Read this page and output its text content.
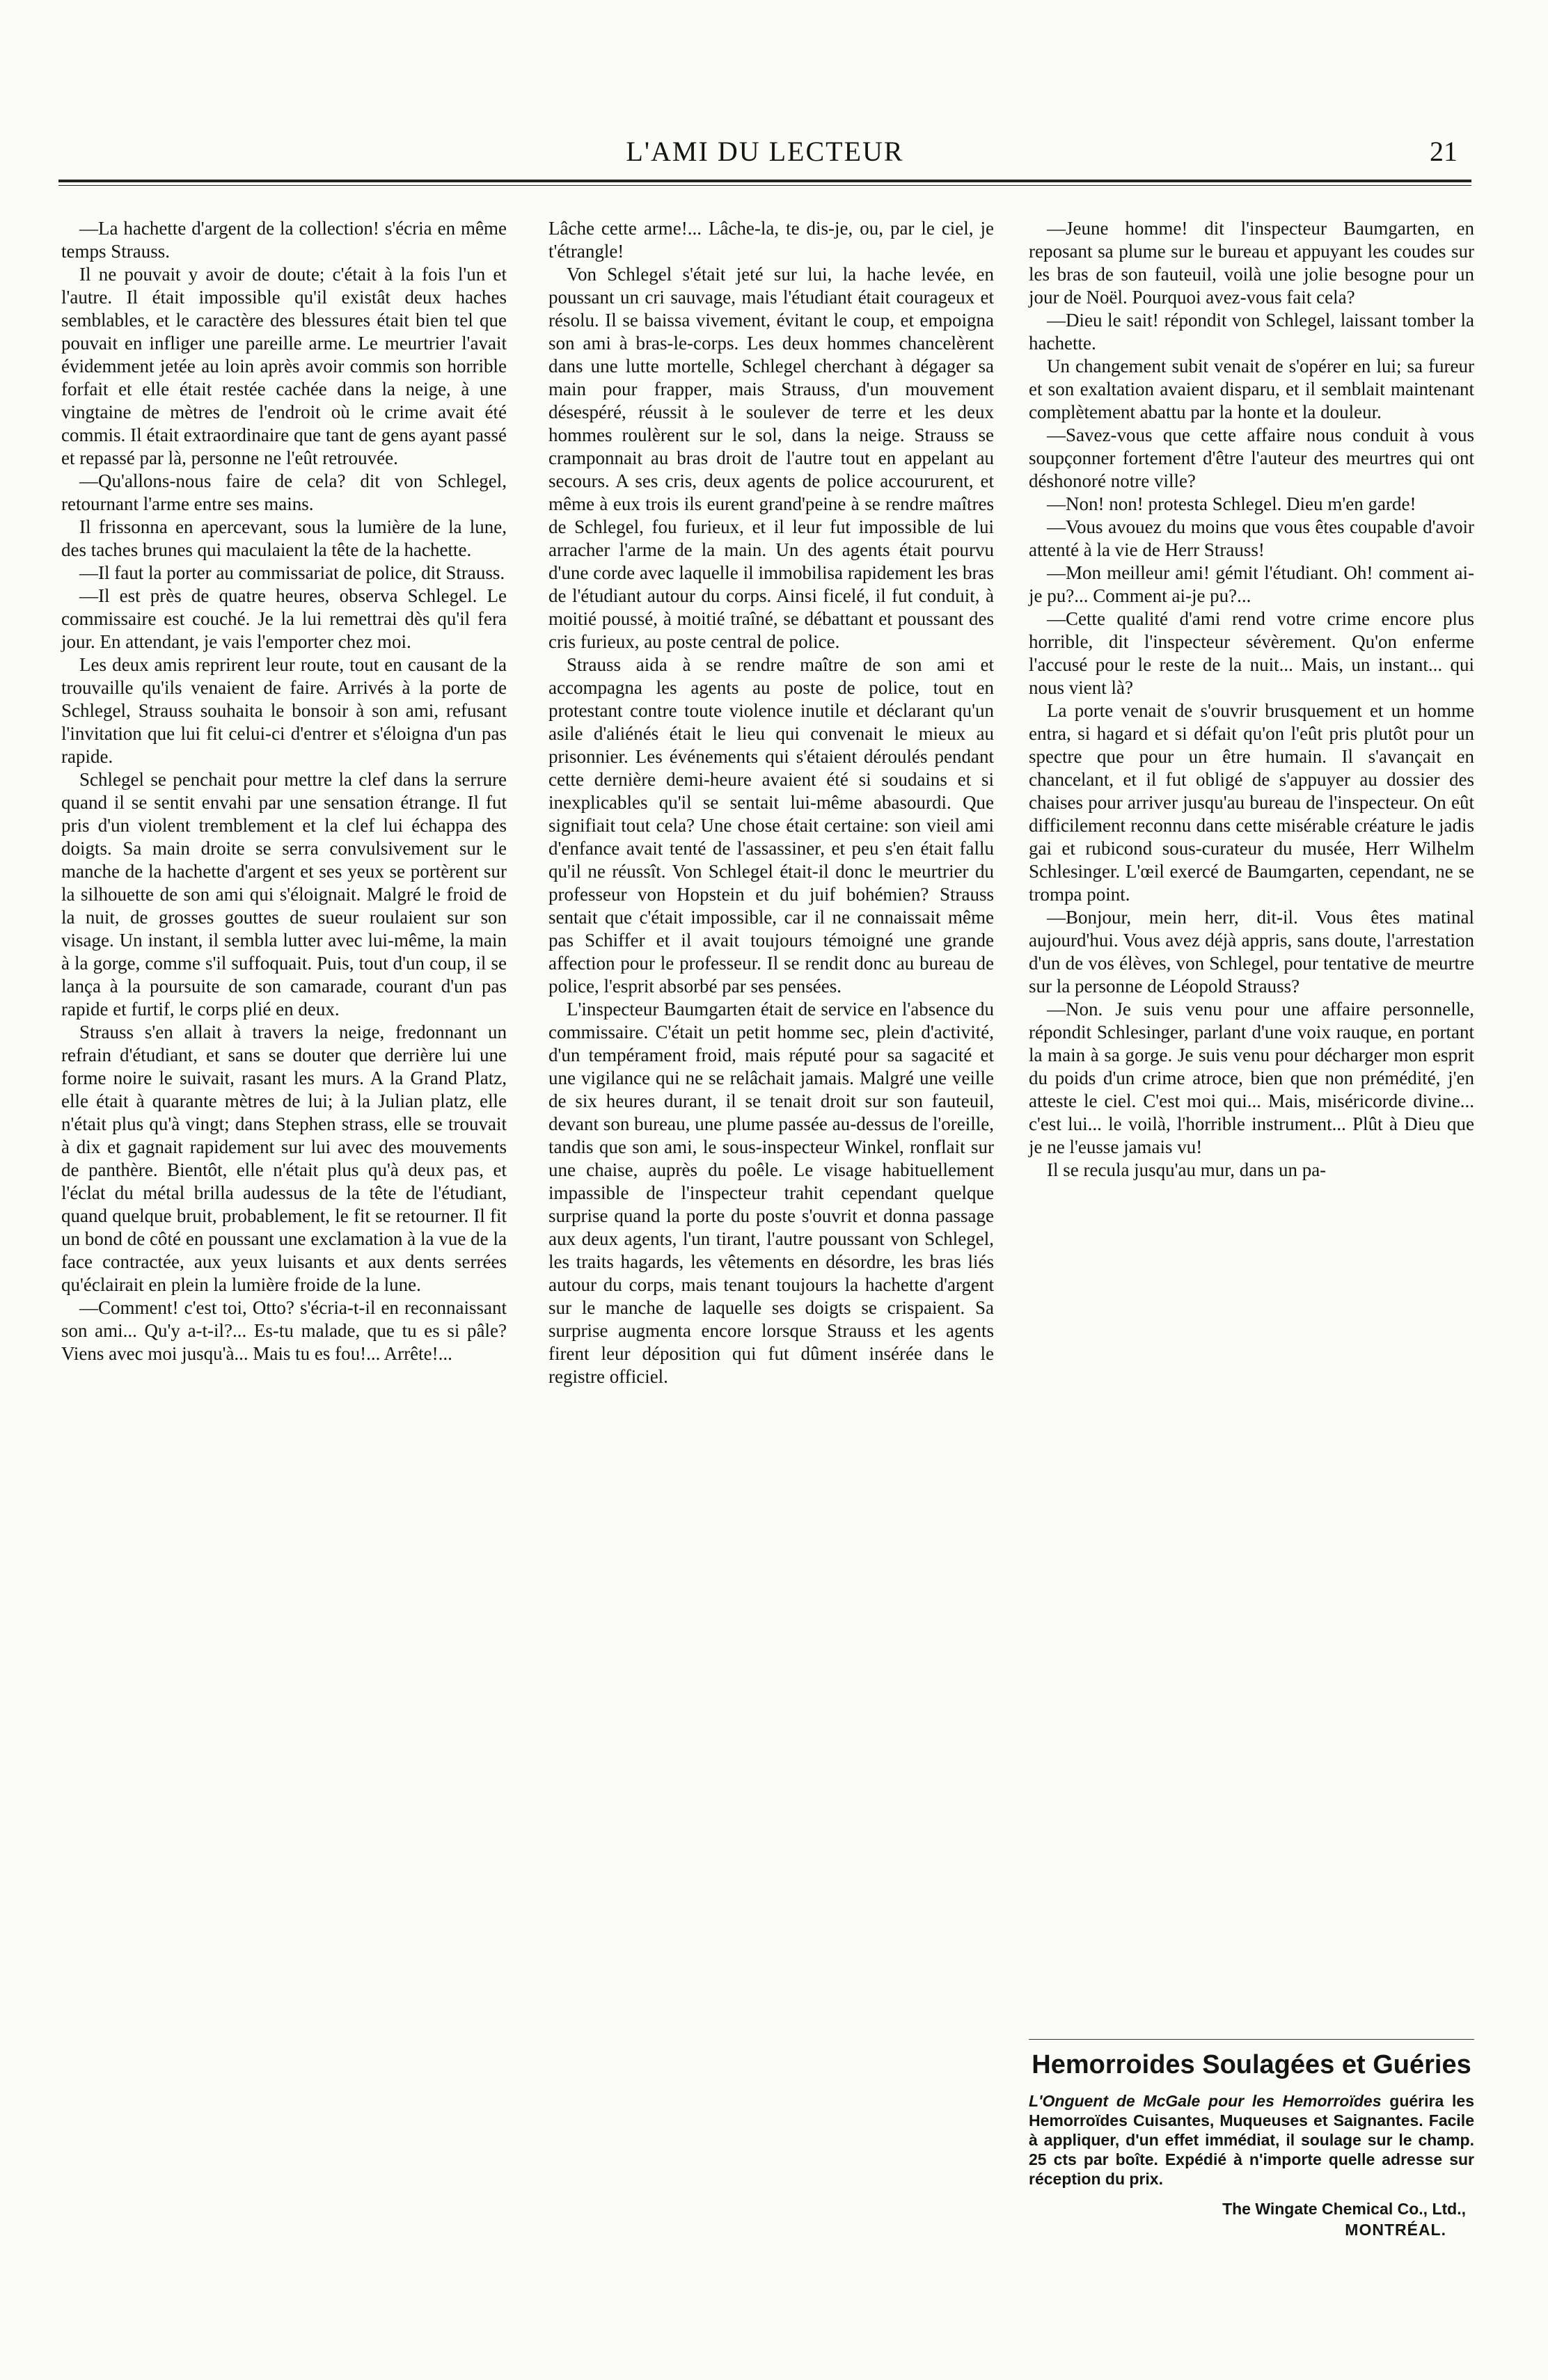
L'AMI DU LECTEUR	21

—La hachette d'argent de la collection! s'écria en même temps Strauss.

Il ne pouvait y avoir de doute; c'était à la fois l'un et l'autre. Il était impossible qu'il existât deux haches semblables, et le caractère des blessures était bien tel que pouvait en infliger une pareille arme. Le meurtrier l'avait évidemment jetée au loin après avoir commis son horrible forfait et elle était restée cachée dans la neige, à une vingtaine de mètres de l'endroit où le crime avait été commis. Il était extraordinaire que tant de gens ayant passé et repassé par là, personne ne l'eût retrouvée.

—Qu'allons-nous faire de cela? dit von Schlegel, retournant l'arme entre ses mains.

Il frissonna en apercevant, sous la lumière de la lune, des taches brunes qui maculaient la tête de la hachette.

—Il faut la porter au commissariat de police, dit Strauss.

—Il est près de quatre heures, observa Schlegel. Le commissaire est couché. Je la lui remettrai dès qu'il fera jour. En attendant, je vais l'emporter chez moi.

Les deux amis reprirent leur route, tout en causant de la trouvaille qu'ils venaient de faire. Arrivés à la porte de Schlegel, Strauss souhaita le bonsoir à son ami, refusant l'invitation que lui fit celui-ci d'entrer et s'éloigna d'un pas rapide.

Schlegel se penchait pour mettre la clef dans la serrure quand il se sentit envahi par une sensation étrange. Il fut pris d'un violent tremblement et la clef lui échappa des doigts. Sa main droite se serra convulsivement sur le manche de la hachette d'argent et ses yeux se portèrent sur la silhouette de son ami qui s'éloignait. Malgré le froid de la nuit, de grosses gouttes de sueur roulaient sur son visage. Un instant, il sembla lutter avec lui-même, la main à la gorge, comme s'il suffoquait. Puis, tout d'un coup, il se lança à la poursuite de son camarade, courant d'un pas rapide et furtif, le corps plié en deux.

Strauss s'en allait à travers la neige, fredonnant un refrain d'étudiant, et sans se douter que derrière lui une forme noire le suivait, rasant les murs. A la Grand Platz, elle était à quarante mètres de lui; à la Julian platz, elle n'était plus qu'à vingt; dans Stephen strass, elle se trouvait à dix et gagnait rapidement sur lui avec des mouvements de panthère. Bientôt, elle n'était plus qu'à deux pas, et l'éclat du métal brilla audessus de la tête de l'étudiant, quand quelque bruit, probablement, le fit se retourner. Il fit un bond de côté en poussant une exclamation à la vue de la face contractée, aux yeux luisants et aux dents serrées qu'éclairait en plein la lumière froide de la lune.

—Comment! c'est toi, Otto? s'écria-t-il en reconnaissant son ami... Qu'y a-t-il?... Es-tu malade, que tu es si pâle? Viens avec moi jusqu'à... Mais tu es fou!... Arrête!...

Lâche cette arme!... Lâche-la, te dis-je, ou, par le ciel, je t'étrangle!

Von Schlegel s'était jeté sur lui, la hache levée, en poussant un cri sauvage, mais l'étudiant était courageux et résolu. Il se baissa vivement, évitant le coup, et empoigna son ami à bras-le-corps. Les deux hommes chancelèrent dans une lutte mortelle, Schlegel cherchant à dégager sa main pour frapper, mais Strauss, d'un mouvement désespéré, réussit à le soulever de terre et les deux hommes roulèrent sur le sol, dans la neige. Strauss se cramponnait au bras droit de l'autre tout en appelant au secours. A ses cris, deux agents de police accoururent, et même à eux trois ils eurent grand'peine à se rendre maîtres de Schlegel, fou furieux, et il leur fut impossible de lui arracher l'arme de la main. Un des agents était pourvu d'une corde avec laquelle il immobilisa rapidement les bras de l'étudiant autour du corps. Ainsi ficelé, il fut conduit, à moitié poussé, à moitié traîné, se débattant et poussant des cris furieux, au poste central de police.

Strauss aida à se rendre maître de son ami et accompagna les agents au poste de police, tout en protestant contre toute violence inutile et déclarant qu'un asile d'aliénés était le lieu qui convenait le mieux au prisonnier. Les événements qui s'étaient déroulés pendant cette dernière demi-heure avaient été si soudains et si inexplicables qu'il se sentait lui-même abasourdi. Que signifiait tout cela? Une chose était certaine: son vieil ami d'enfance avait tenté de l'assassiner, et peu s'en était fallu qu'il ne réussît. Von Schlegel était-il donc le meurtrier du professeur von Hopstein et du juif bohémien? Strauss sentait que c'était impossible, car il ne connaissait même pas Schiffer et il avait toujours témoigné une grande affection pour le professeur. Il se rendit donc au bureau de police, l'esprit absorbé par ses pensées.

L'inspecteur Baumgarten était de service en l'absence du commissaire. C'était un petit homme sec, plein d'activité, d'un tempérament froid, mais réputé pour sa sagacité et une vigilance qui ne se relâchait jamais. Malgré une veille de six heures durant, il se tenait droit sur son fauteuil, devant son bureau, une plume passée au-dessus de l'oreille, tandis que son ami, le sous-inspecteur Winkel, ronflait sur une chaise, auprès du poêle. Le visage habituellement impassible de l'inspecteur trahit cependant quelque surprise quand la porte du poste s'ouvrit et donna passage aux deux agents, l'un tirant, l'autre poussant von Schlegel, les traits hagards, les vêtements en désordre, les bras liés autour du corps, mais tenant toujours la hachette d'argent sur le manche de laquelle ses doigts se crispaient. Sa surprise augmenta encore lorsque Strauss et les agents firent leur déposition qui fut dûment insérée dans le registre officiel.

—Jeune homme! dit l'inspecteur Baumgarten, en reposant sa plume sur le bureau et appuyant les coudes sur les bras de son fauteuil, voilà une jolie besogne pour un jour de Noël. Pourquoi avez-vous fait cela?

—Dieu le sait! répondit von Schlegel, laissant tomber la hachette.

Un changement subit venait de s'opérer en lui; sa fureur et son exaltation avaient disparu, et il semblait maintenant complètement abattu par la honte et la douleur.

—Savez-vous que cette affaire nous conduit à vous soupçonner fortement d'être l'auteur des meurtres qui ont déshonoré notre ville?

—Non! non! protesta Schlegel. Dieu m'en garde!

—Vous avouez du moins que vous êtes coupable d'avoir attenté à la vie de Herr Strauss!

—Mon meilleur ami! gémit l'étudiant. Oh! comment ai-je pu?... Comment ai-je pu?...

—Cette qualité d'ami rend votre crime encore plus horrible, dit l'inspecteur sévèrement. Qu'on enferme l'accusé pour le reste de la nuit... Mais, un instant... qui nous vient là?

La porte venait de s'ouvrir brusquement et un homme entra, si hagard et si défait qu'on l'eût pris plutôt pour un spectre que pour un être humain. Il s'avançait en chancelant, et il fut obligé de s'appuyer au dossier des chaises pour arriver jusqu'au bureau de l'inspecteur. On eût difficilement reconnu dans cette misérable créature le jadis gai et rubicond sous-curateur du musée, Herr Wilhelm Schlesinger. L'œil exercé de Baumgarten, cependant, ne se trompa point.

—Bonjour, mein herr, dit-il. Vous êtes matinal aujourd'hui. Vous avez déjà appris, sans doute, l'arrestation d'un de vos élèves, von Schlegel, pour tentative de meurtre sur la personne de Léopold Strauss?

—Non. Je suis venu pour une affaire personnelle, répondit Schlesinger, parlant d'une voix rauque, en portant la main à sa gorge. Je suis venu pour décharger mon esprit du poids d'un crime atroce, bien que non prémédité, j'en atteste le ciel. C'est moi qui... Mais, miséricorde divine... c'est lui... le voilà, l'horrible instrument... Plût à Dieu que je ne l'eusse jamais vu!

Il se recula jusqu'au mur, dans un pa-

Hemorroides Soulagées et Guéries
L'Onguent de McGale pour les Hemorroïdes guérira les Hemorroïdes Cuisantes, Muqueuses et Saignantes. Facile à appliquer, d'un effet immédiat, il soulage sur le champ. 25 cts par boîte. Expédié à n'importe quelle adresse sur réception du prix.
The Wingate Chemical Co., Ltd.,
MONTRÉAL.
